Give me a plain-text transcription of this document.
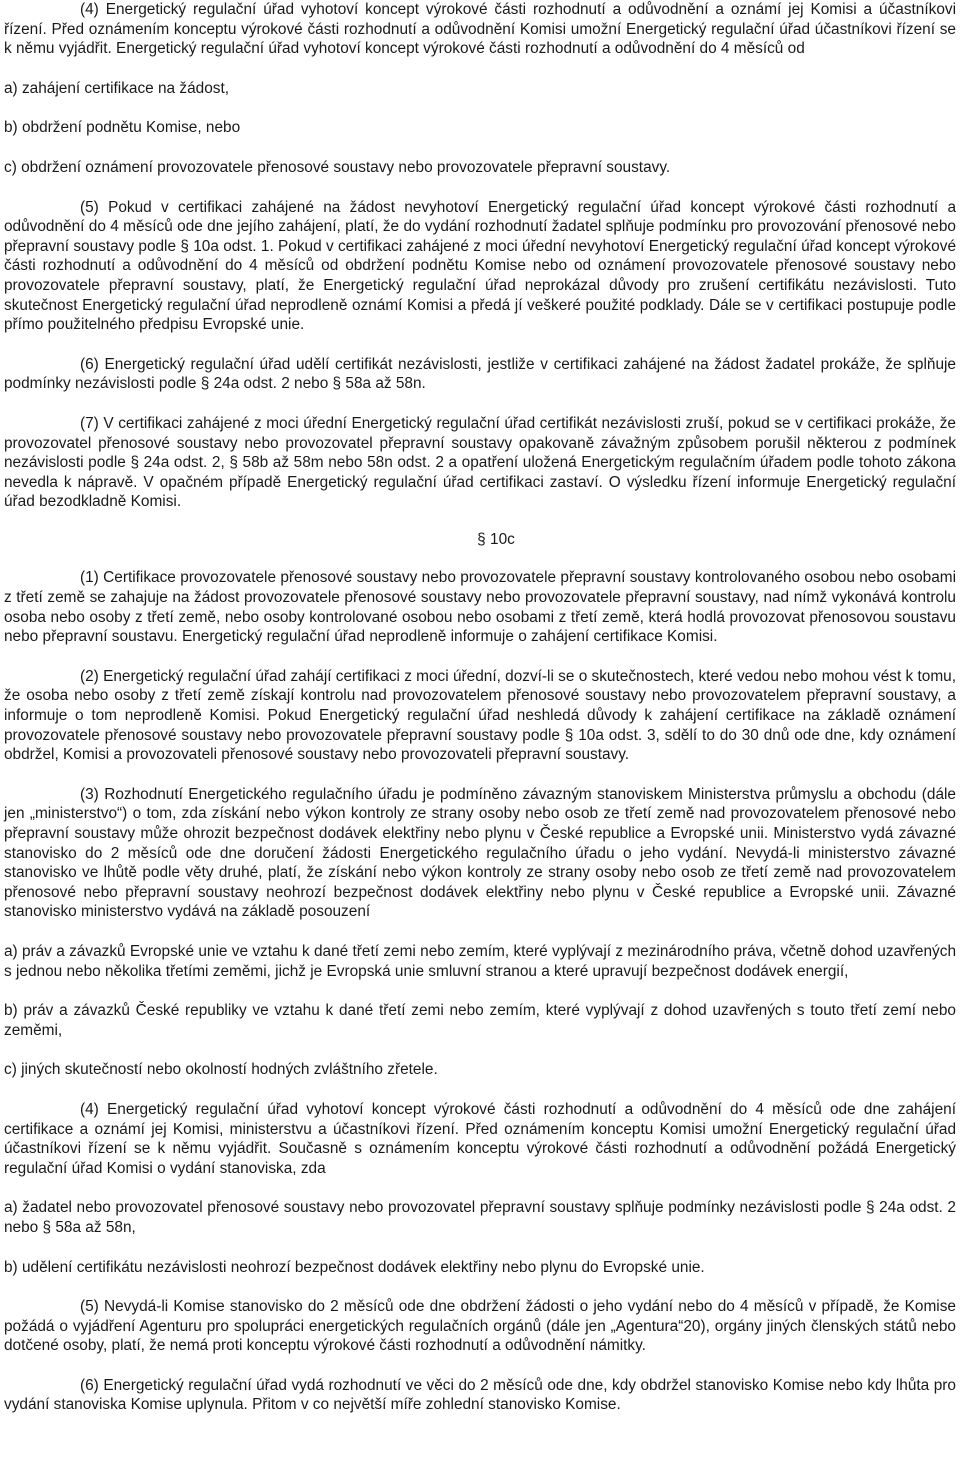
(4) Energetický regulační úřad vyhotoví koncept výrokové části rozhodnutí a odůvodnění a oznámí jej Komisi a účastníkovi řízení. Před oznámením konceptu výrokové části rozhodnutí a odůvodnění Komisi umožní Energetický regulační úřad účastníkovi řízení se k němu vyjádřit. Energetický regulační úřad vyhotoví koncept výrokové části rozhodnutí a odůvodnění do 4 měsíců od

a) zahájení certifikace na žádost,

b) obdržení podnětu Komise, nebo

c) obdržení oznámení provozovatele přenosové soustavy nebo provozovatele přepravní soustavy.

(5) Pokud v certifikaci zahájené na žádost nevyhotoví Energetický regulační úřad koncept výrokové části rozhodnutí a odůvodnění do 4 měsíců ode dne jejího zahájení, platí, že do vydání rozhodnutí žadatel splňuje podmínku pro provozování přenosové nebo přepravní soustavy podle § 10a odst. 1. Pokud v certifikaci zahájené z moci úřední nevyhotoví Energetický regulační úřad koncept výrokové části rozhodnutí a odůvodnění do 4 měsíců od obdržení podnětu Komise nebo od oznámení provozovatele přenosové soustavy nebo provozovatele přepravní soustavy, platí, že Energetický regulační úřad neprokázal důvody pro zrušení certifikátu nezávislosti. Tuto skutečnost Energetický regulační úřad neprodleně oznámí Komisi a předá jí veškeré použité podklady. Dále se v certifikaci postupuje podle přímo použitelného předpisu Evropské unie.

(6) Energetický regulační úřad udělí certifikát nezávislosti, jestliže v certifikaci zahájené na žádost žadatel prokáže, že splňuje podmínky nezávislosti podle § 24a odst. 2 nebo § 58a až 58n.

(7) V certifikaci zahájené z moci úřední Energetický regulační úřad certifikát nezávislosti zruší, pokud se v certifikaci prokáže, že provozovatel přenosové soustavy nebo provozovatel přepravní soustavy opakovaně závažným způsobem porušil některou z podmínek nezávislosti podle § 24a odst. 2, § 58b až 58m nebo 58n odst. 2 a opatření uložená Energetickým regulačním úřadem podle tohoto zákona nevedla k nápravě. V opačném případě Energetický regulační úřad certifikaci zastaví. O výsledku řízení informuje Energetický regulační úřad bezodkladně Komisi.

§ 10c

(1) Certifikace provozovatele přenosové soustavy nebo provozovatele přepravní soustavy kontrolovaného osobou nebo osobami z třetí země se zahajuje na žádost provozovatele přenosové soustavy nebo provozovatele přepravní soustavy, nad nímž vykonává kontrolu osoba nebo osoby z třetí země, nebo osoby kontrolované osobou nebo osobami z třetí země, která hodlá provozovat přenosovou soustavu nebo přepravní soustavu. Energetický regulační úřad neprodleně informuje o zahájení certifikace Komisi.

(2) Energetický regulační úřad zahájí certifikaci z moci úřední, dozví-li se o skutečnostech, které vedou nebo mohou vést k tomu, že osoba nebo osoby z třetí země získají kontrolu nad provozovatelem přenosové soustavy nebo provozovatelem přepravní soustavy, a informuje o tom neprodleně Komisi. Pokud Energetický regulační úřad neshledá důvody k zahájení certifikace na základě oznámení provozovatele přenosové soustavy nebo provozovatele přepravní soustavy podle § 10a odst. 3, sdělí to do 30 dnů ode dne, kdy oznámení obdržel, Komisi a provozovateli přenosové soustavy nebo provozovateli přepravní soustavy.

(3) Rozhodnutí Energetického regulačního úřadu je podmíněno závazným stanoviskem Ministerstva průmyslu a obchodu (dále jen „ministerstvo“) o tom, zda získání nebo výkon kontroly ze strany osoby nebo osob ze třetí země nad provozovatelem přenosové nebo přepravní soustavy může ohrozit bezpečnost dodávek elektřiny nebo plynu v České republice a Evropské unii. Ministerstvo vydá závazné stanovisko do 2 měsíců ode dne doručení žádosti Energetického regulačního úřadu o jeho vydání. Nevydá-li ministerstvo závazné stanovisko ve lhůtě podle věty druhé, platí, že získání nebo výkon kontroly ze strany osoby nebo osob ze třetí země nad provozovatelem přenosové nebo přepravní soustavy neohrozí bezpečnost dodávek elektřiny nebo plynu v České republice a Evropské unii. Závazné stanovisko ministerstvo vydává na základě posouzení

a) práv a závazků Evropské unie ve vztahu k dané třetí zemi nebo zemím, které vyplývají z mezinárodního práva, včetně dohod uzavřených s jednou nebo několika třetími zeměmi, jichž je Evropská unie smluvní stranou a které upravují bezpečnost dodávek energií,

b) práv a závazků České republiky ve vztahu k dané třetí zemi nebo zemím, které vyplývají z dohod uzavřených s touto třetí zemí nebo zeměmi,

c) jiných skutečností nebo okolností hodných zvláštního zřetele.

(4) Energetický regulační úřad vyhotoví koncept výrokové části rozhodnutí a odůvodnění do 4 měsíců ode dne zahájení certifikace a oznámí jej Komisi, ministerstvu a účastníkovi řízení. Před oznámením konceptu Komisi umožní Energetický regulační úřad účastníkovi řízení se k němu vyjádřit. Současně s oznámením konceptu výrokové části rozhodnutí a odůvodnění požádá Energetický regulační úřad Komisi o vydání stanoviska, zda

a) žadatel nebo provozovatel přenosové soustavy nebo provozovatel přepravní soustavy splňuje podmínky nezávislosti podle § 24a odst. 2 nebo § 58a až 58n,

b) udělení certifikátu nezávislosti neohrozí bezpečnost dodávek elektřiny nebo plynu do Evropské unie.

(5) Nevydá-li Komise stanovisko do 2 měsíců ode dne obdržení žádosti o jeho vydání nebo do 4 měsíců v případě, že Komise požádá o vyjádření Agenturu pro spolupráci energetických regulačních orgánů (dále jen „Agentura“20), orgány jiných členských států nebo dotčené osoby, platí, že nemá proti konceptu výrokové části rozhodnutí a odůvodnění námitky.

(6) Energetický regulační úřad vydá rozhodnutí ve věci do 2 měsíců ode dne, kdy obdržel stanovisko Komise nebo kdy lhůta pro vydání stanoviska Komise uplynula. Přitom v co největší míře zohlední stanovisko Komise.
